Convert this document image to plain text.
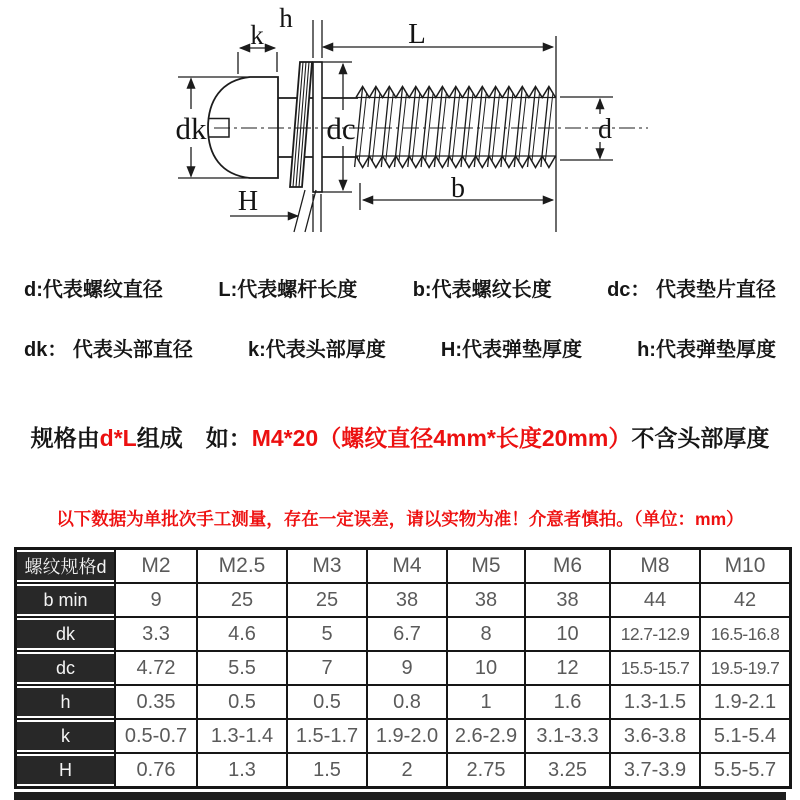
k
h	L
dk	dc	d
b
H
d:代表螺纹直径	L:代表螺杆长度	b:代表螺纹长度	dc： 代表垫片直径
dk： 代表头部直径	k:代表头部厚度	H:代表弹垫厚度	h:代表弹垫厚度
规格由d*L组成　如：M4*20（螺纹直径4mm*长度20mm）不含头部厚度
以下数据为单批次手工测量，存在一定误差，请以实物为准！介意者慎拍。（单位：mm）
螺纹规格d	M2	M2.5	M3	M4	M5	M6	M8	M10
b min	9	25	25	38	38	38	44	42
dk	3.3	4.6	5	6.7	8	10	12.7-12.9	16.5-16.8
dc	4.72	5.5	7	9	10	12	15.5-15.7	19.5-19.7
h	0.35	0.5	0.5	0.8	1	1.6	1.3-1.5	1.9-2.1
k	0.5-0.7	1.3-1.4	1.5-1.7	1.9-2.0	2.6-2.9	3.1-3.3	3.6-3.8	5.1-5.4
H	0.76	1.3	1.5	2	2.75	3.25	3.7-3.9	5.5-5.7
